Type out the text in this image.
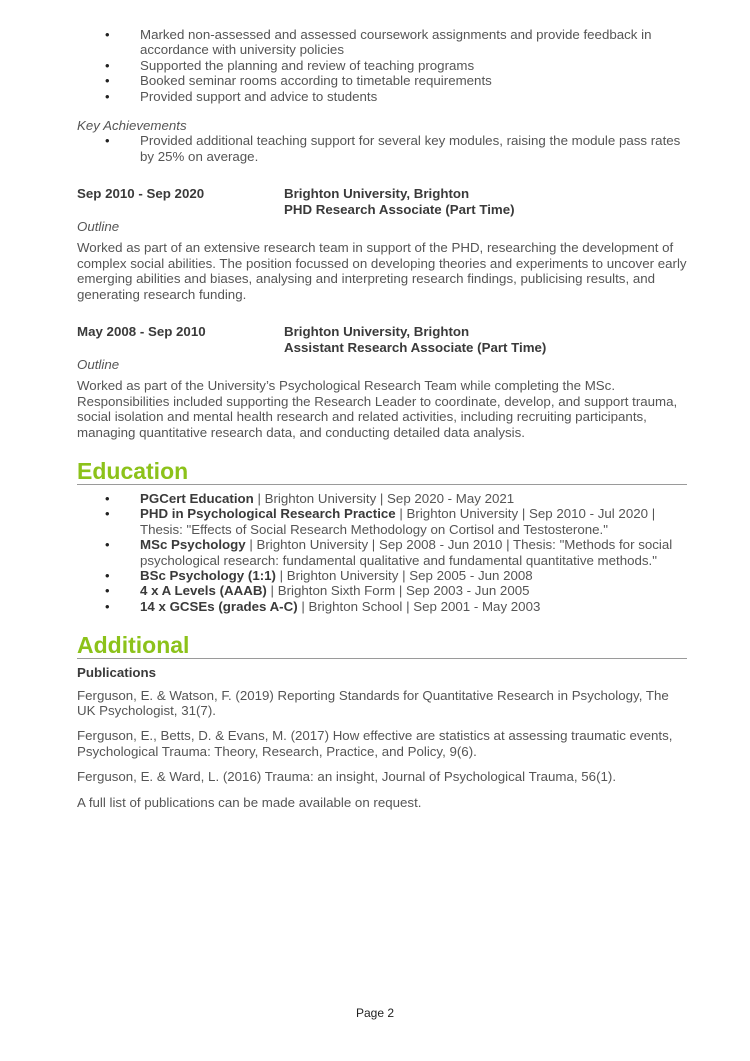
• Marked non-assessed and assessed coursework assignments and provide feedback in accordance with university policies
• Supported the planning and review of teaching programs
• Booked seminar rooms according to timetable requirements
• Provided support and advice to students
Key Achievements
• Provided additional teaching support for several key modules, raising the module pass rates by 25% on average.
Sep 2010 - Sep 2020	Brighton University, Brighton
PHD Research Associate (Part Time)
Outline
Worked as part of an extensive research team in support of the PHD, researching the development of complex social abilities. The position focussed on developing theories and experiments to uncover early emerging abilities and biases, analysing and interpreting research findings, publicising results, and generating research funding.
May 2008 - Sep 2010	Brighton University, Brighton
Assistant Research Associate (Part Time)
Outline
Worked as part of the University’s Psychological Research Team while completing the MSc. Responsibilities included supporting the Research Leader to coordinate, develop, and support trauma, social isolation and mental health research and related activities, including recruiting participants, managing quantitative research data, and conducting detailed data analysis.
Education
• PGCert Education | Brighton University | Sep 2020 - May 2021
• PHD in Psychological Research Practice | Brighton University | Sep 2010 - Jul 2020 | Thesis: "Effects of Social Research Methodology on Cortisol and Testosterone."
• MSc Psychology | Brighton University | Sep 2008 - Jun 2010 | Thesis: "Methods for social psychological research: fundamental qualitative and fundamental quantitative methods."
• BSc Psychology (1:1) | Brighton University | Sep 2005 - Jun 2008
• 4 x A Levels (AAAB) | Brighton Sixth Form | Sep 2003 - Jun 2005
• 14 x GCSEs (grades A-C) | Brighton School | Sep 2001 - May 2003
Additional
Publications
Ferguson, E. & Watson, F. (2019) Reporting Standards for Quantitative Research in Psychology, The UK Psychologist, 31(7).
Ferguson, E., Betts, D. & Evans, M. (2017) How effective are statistics at assessing traumatic events, Psychological Trauma: Theory, Research, Practice, and Policy, 9(6).
Ferguson, E. & Ward, L. (2016) Trauma: an insight, Journal of Psychological Trauma, 56(1).
A full list of publications can be made available on request.
Page 2
